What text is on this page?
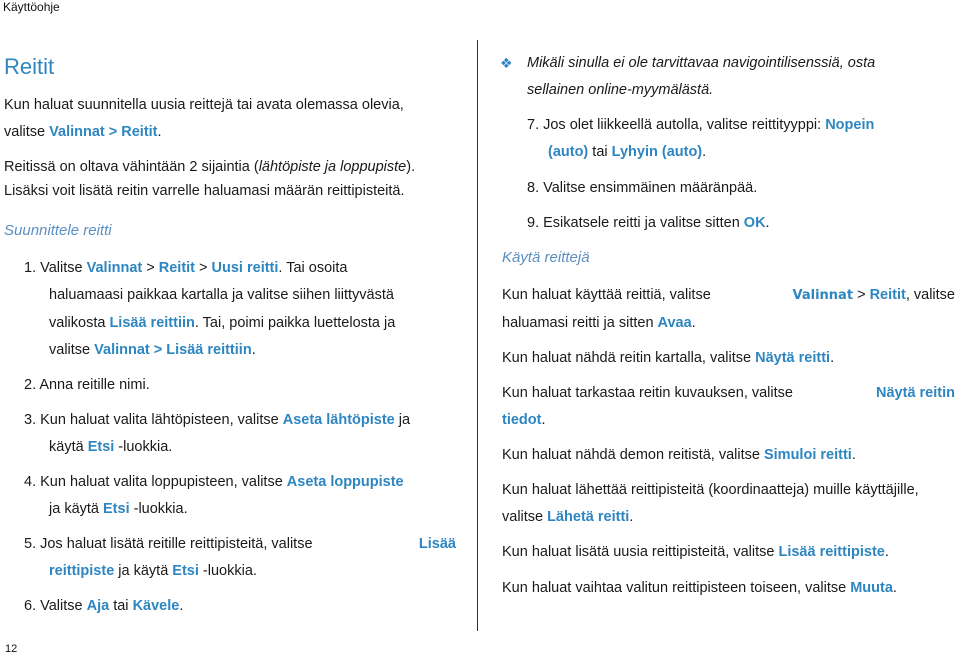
Käyttöohje
12
Reitit
Kun haluat suunnitella uusia reittejä tai avata olemassa olevia,
valitse Valinnat > Reitit.
Reitissä on oltava vähintään 2 sijaintia (lähtöpiste ja loppupiste).
Lisäksi voit lisätä reitin varrelle haluamasi määrän reittipisteitä.
Suunnittele reitti
1. Valitse Valinnat > Reitit > Uusi reitti. Tai osoita
haluamaasi paikkaa kartalla ja valitse siihen liittyvästä
valikosta Lisää reittiin. Tai, poimi paikka luettelosta ja
valitse Valinnat > Lisää reittiin.
2. Anna reitille nimi.
3. Kun haluat valita lähtöpisteen, valitse Aseta lähtöpiste ja
käytä Etsi -luokkia.
4. Kun haluat valita loppupisteen, valitse Aseta loppupiste
ja käytä Etsi -luokkia.
5. Jos haluat lisätä reitille reittipisteitä, valitse	Lisää
reittipiste ja käytä Etsi -luokkia.
6. Valitse Aja tai Kävele.
❖ Mikäli sinulla ei ole tarvittavaa navigointilisenssiä, osta
sellainen online-myymälästä.
7. Jos olet liikkeellä autolla, valitse reittityyppi: Nopein
(auto) tai Lyhyin (auto).
8. Valitse ensimmäinen määränpää.
9. Esikatsele reitti ja valitse sitten OK.
Käytä reittejä
Kun haluat käyttää reittiä, valitse	Valinnat > Reitit, valitse
haluamasi reitti ja sitten Avaa.
Kun haluat nähdä reitin kartalla, valitse Näytä reitti.
Kun haluat tarkastaa reitin kuvauksen, valitse	Näytä reitin
tiedot.
Kun haluat nähdä demon reitistä, valitse Simuloi reitti.
Kun haluat lähettää reittipisteitä (koordinaatteja) muille käyttäjille,
valitse Lähetä reitti.
Kun haluat lisätä uusia reittipisteitä, valitse Lisää reittipiste.
Kun haluat vaihtaa valitun reittipisteen toiseen, valitse Muuta.
